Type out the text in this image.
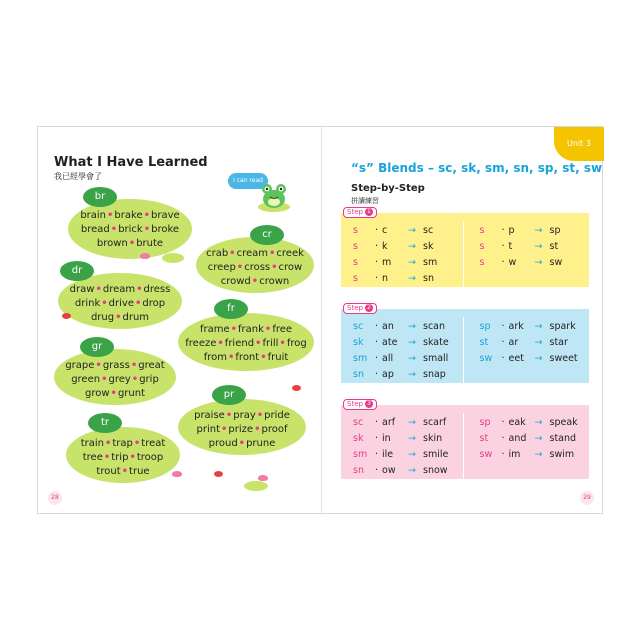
What I Have Learned
我已經學會了	I can read
brain•brake•brave
bread•brick•broke
brown•brute
br
crab•cream•creek
creep•cross•crow
crowd•crown
cr
draw•dream•dress
drink•drive•drop
drug•drum
dr
frame•frank•free
freeze•friend•frill•frog
from•front•fruit
fr
grape•grass•great
green•grey•grip
grow•grunt
gr
praise•pray•pride
print•prize•proof
proud•prune
pr
train•trap•treat
tree•trip•troop
trout•true
tr
28
Unit 3
“s” Blends – sc, sk, sm, sn, sp, st, sw
Step-by-Step
拼讀練習
Step 1
s	· c	→ sc
s	· k	→ sk
s	· m	→ sm
s	· n	→ sn
s	· p	→ sp
s	· t	→ st
s	· w	→ sw
Step 2
sc	· an	→ scan
sk	· ate	→ skate
sm · all	→ small
sn	· ap	→ snap
sp	· ark	→ spark
st	· ar	→ star
sw · eet	→ sweet
Step 3
sc	· arf	→ scarf
sk	· in	→ skin
sm · ile	→ smile
sn	· ow	→ snow
sp	· eak → speak
st	· and → stand
sw · im	→ swim
29
